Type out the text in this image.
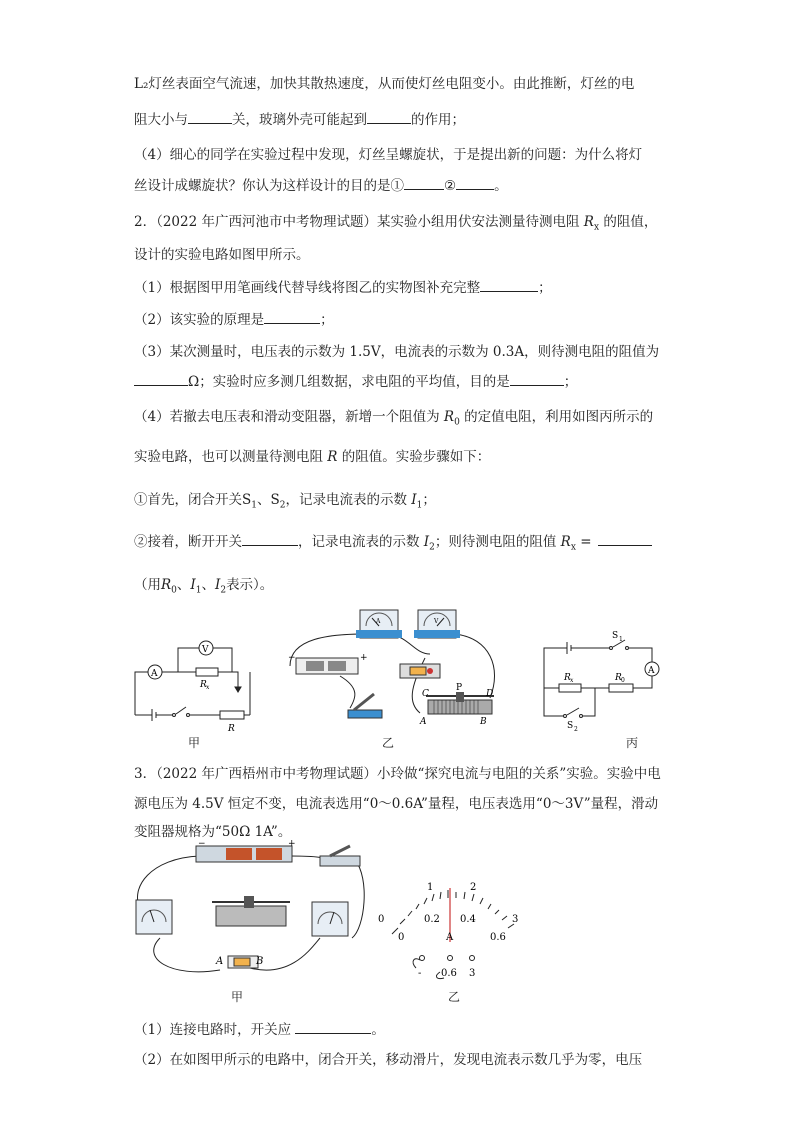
L₂灯丝表面空气流速，加快其散热速度，从而使灯丝电阻变小。由此推断，灯丝的电
阻大小与	关，玻璃外壳可能起到	的作用；
（4）细心的同学在实验过程中发现，灯丝呈螺旋状，于是提出新的问题：为什么将灯
丝设计成螺旋状？你认为这样设计的目的是①	②	。
2．（2022 年广西河池市中考物理试题）某实验小组用伏安法测量待测电阻 $R_x$ 的阻值，
设计的实验电路如图甲所示。
（1）根据图甲用笔画线代替导线将图乙的实物图补充完整	；
（2）该实验的原理是	；
（3）某次测量时，电压表的示数为 1.5V，电流表的示数为 0.3A，则待测电阻的阻值为
Ω；实验时应多测几组数据，求电阻的平均值，目的是	；
（4）若撤去电压表和滑动变阻器，新增一个阻值为 $R_0$ 的定值电阻，利用如图丙所示的
实验电路，也可以测量待测电阻 R 的阻值。实验步骤如下：
①首先，闭合开关$S_1$、$S_2$，记录电流表的示数 $I_1$；
②接着，断开开关	，记录电流表的示数 $I_2$；则待测电阻的阻值 $R_x$ =
（用$R_0$、$I_1$、$I_2$表示）。
A
V
R x
R
甲
A	V
−	+
C
P
D
A	B
乙
S 1
A
R x	R 0
S 2
丙
3．（2022 年广西梧州市中考物理试题）小玲做“探究电流与电阻的关系”实验。实验中电
源电压为 4.5V 恒定不变，电流表选用“0～0.6A”量程，电压表选用“0～3V”量程，滑动
变阻器规格为“50Ω 1A”。
−	+
A	B
甲
1	2
0	3
0
0.2 0.4
0.6
A
- 0.6 3
乙
（1）连接电路时，开关应	。
（2）在如图甲所示的电路中，闭合开关，移动滑片，发现电流表示数几乎为零，电压
